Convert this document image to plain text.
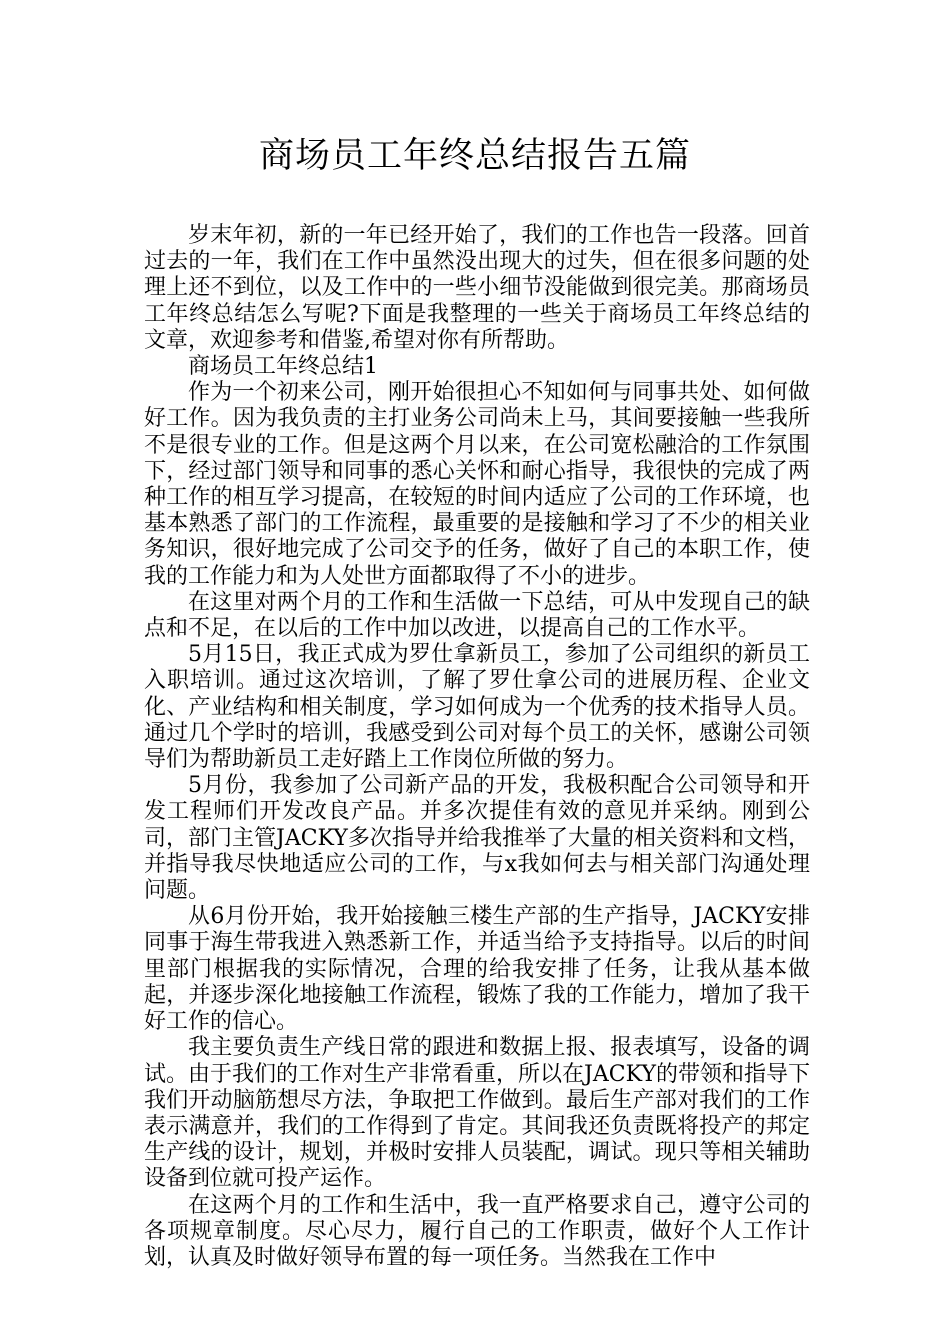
商场员工年终总结报告五篇

岁末年初，新的一年已经开始了，我们的工作也告一段落。回首过去的一年，我们在工作中虽然没出现大的过失，但在很多问题的处理上还不到位，以及工作中的一些小细节没能做到很完美。那商场员工年终总结怎么写呢?下面是我整理的一些关于商场员工年终总结的文章，欢迎参考和借鉴,希望对你有所帮助。

商场员工年终总结1

作为一个初来公司，刚开始很担心不知如何与同事共处、如何做好工作。因为我负责的主打业务公司尚未上马，其间要接触一些我所不是很专业的工作。但是这两个月以来，在公司宽松融洽的工作氛围下，经过部门领导和同事的悉心关怀和耐心指导，我很快的完成了两种工作的相互学习提高，在较短的时间内适应了公司的工作环境，也基本熟悉了部门的工作流程，最重要的是接触和学习了不少的相关业务知识，很好地完成了公司交予的任务，做好了自己的本职工作，使我的工作能力和为人处世方面都取得了不小的进步。

在这里对两个月的工作和生活做一下总结，可从中发现自己的缺点和不足，在以后的工作中加以改进，以提高自己的工作水平。

5月15日，我正式成为罗仕拿新员工，参加了公司组织的新员工入职培训。通过这次培训，了解了罗仕拿公司的进展历程、企业文化、产业结构和相关制度，学习如何成为一个优秀的技术指导人员。通过几个学时的培训，我感受到公司对每个员工的关怀，感谢公司领导们为帮助新员工走好踏上工作岗位所做的努力。

5月份，我参加了公司新产品的开发，我极积配合公司领导和开发工程师们开发改良产品。并多次提佳有效的意见并采纳。刚到公司，部门主管JACKY多次指导并给我推举了大量的相关资料和文档，并指导我尽快地适应公司的工作，与x我如何去与相关部门沟通处理问题。

从6月份开始，我开始接触三楼生产部的生产指导，JACKY安排同事于海生带我进入熟悉新工作，并适当给予支持指导。以后的时间里部门根据我的实际情况，合理的给我安排了任务，让我从基本做起，并逐步深化地接触工作流程，锻炼了我的工作能力，增加了我干好工作的信心。

我主要负责生产线日常的跟进和数据上报、报表填写，设备的调试。由于我们的工作对生产非常看重，所以在JACKY的带领和指导下我们开动脑筋想尽方法，争取把工作做到。最后生产部对我们的工作表示满意并，我们的工作得到了肯定。其间我还负责既将投产的邦定生产线的设计，规划，并极时安排人员装配，调试。现只等相关辅助设备到位就可投产运作。

在这两个月的工作和生活中，我一直严格要求自己，遵守公司的各项规章制度。尽心尽力，履行自己的工作职责，做好个人工作计划，认真及时做好领导布置的每一项任务。当然我在工作中
